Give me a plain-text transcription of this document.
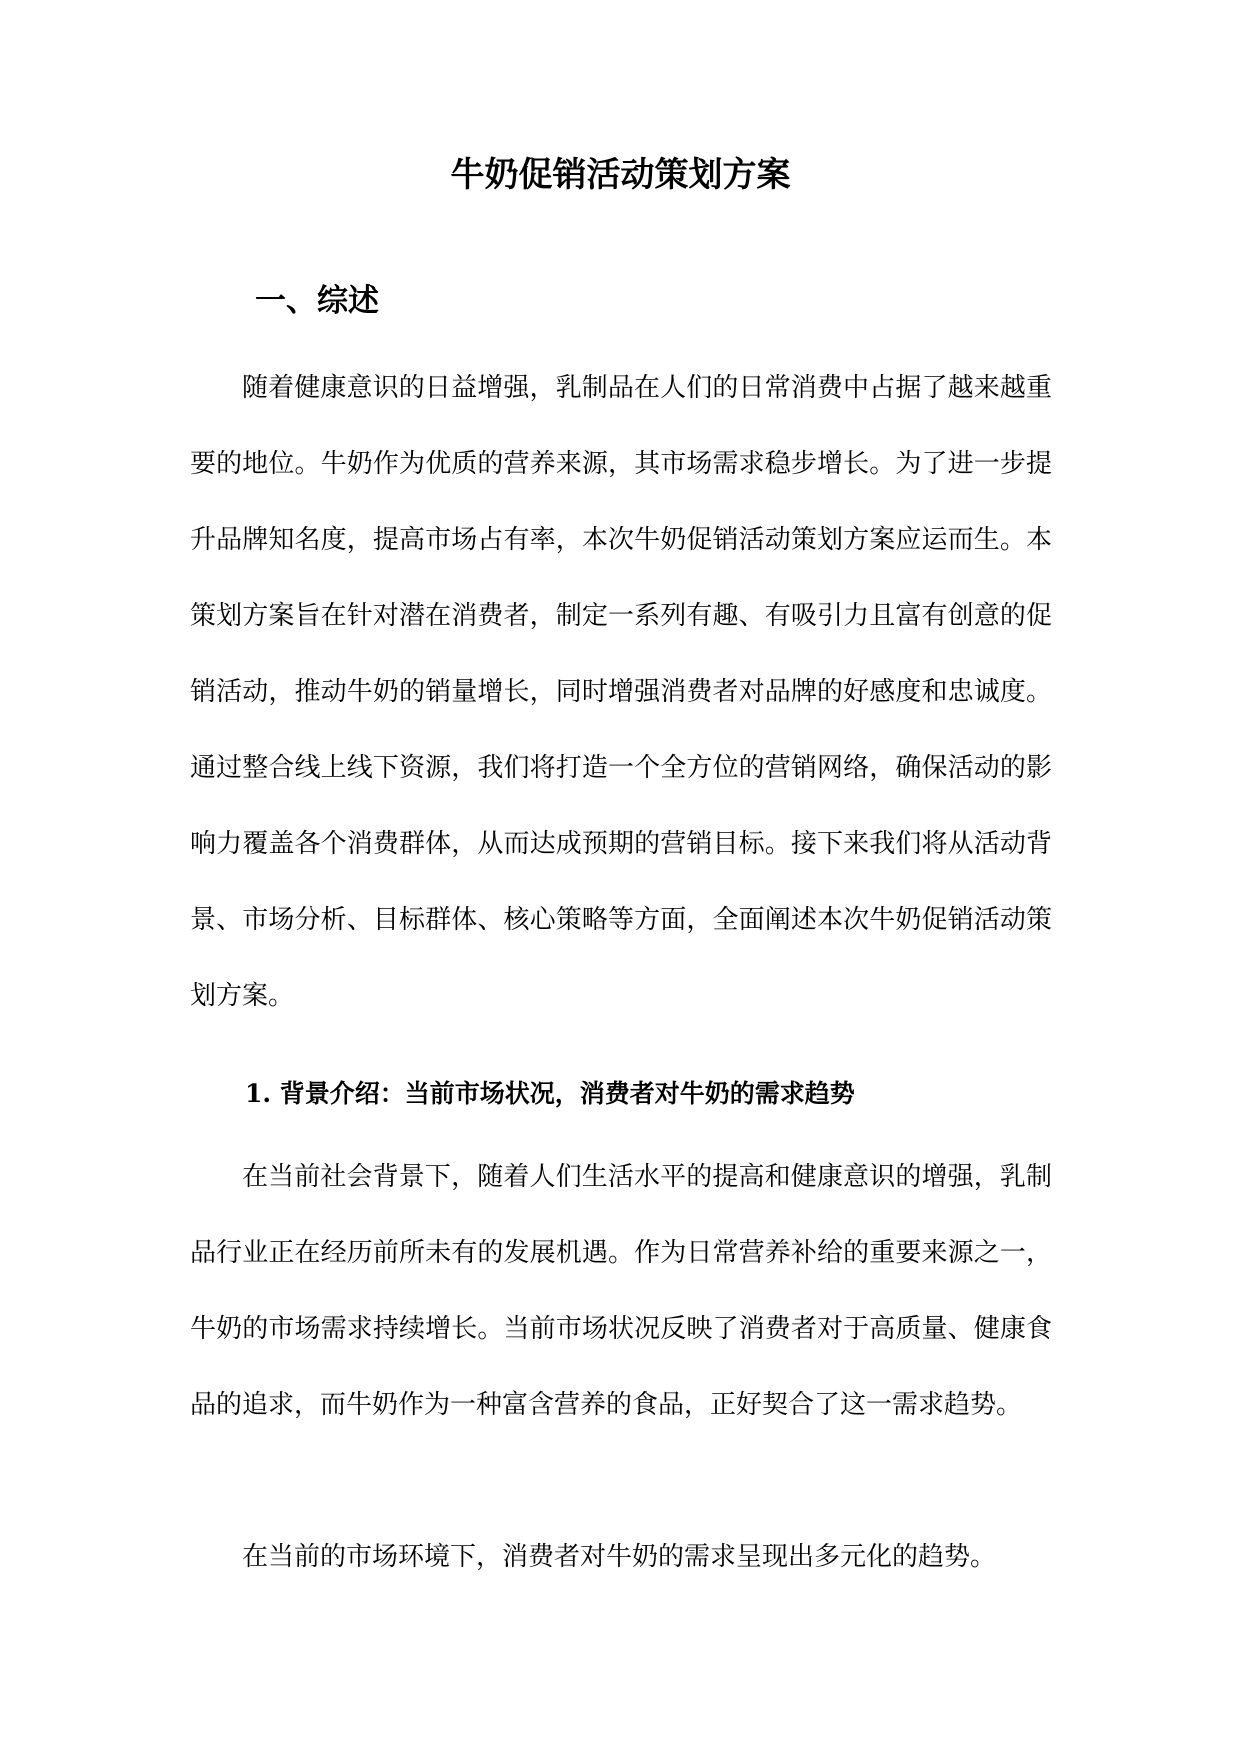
牛奶促销活动策划方案
一、综述

随着健康意识的日益增强，乳制品在人们的日常消费中占据了越来越重要的地位。牛奶作为优质的营养来源，其市场需求稳步增长。为了进一步提升品牌知名度，提高市场占有率，本次牛奶促销活动策划方案应运而生。本策划方案旨在针对潜在消费者，制定一系列有趣、有吸引力且富有创意的促销活动，推动牛奶的销量增长，同时增强消费者对品牌的好感度和忠诚度。通过整合线上线下资源，我们将打造一个全方位的营销网络，确保活动的影响力覆盖各个消费群体，从而达成预期的营销目标。接下来我们将从活动背景、市场分析、目标群体、核心策略等方面，全面阐述本次牛奶促销活动策划方案。

1. 背景介绍：当前市场状况，消费者对牛奶的需求趋势

在当前社会背景下，随着人们生活水平的提高和健康意识的增强，乳制品行业正在经历前所未有的发展机遇。作为日常营养补给的重要来源之一，牛奶的市场需求持续增长。当前市场状况反映了消费者对于高质量、健康食品的追求，而牛奶作为一种富含营养的食品，正好契合了这一需求趋势。

在当前的市场环境下，消费者对牛奶的需求呈现出多元化的趋势。
